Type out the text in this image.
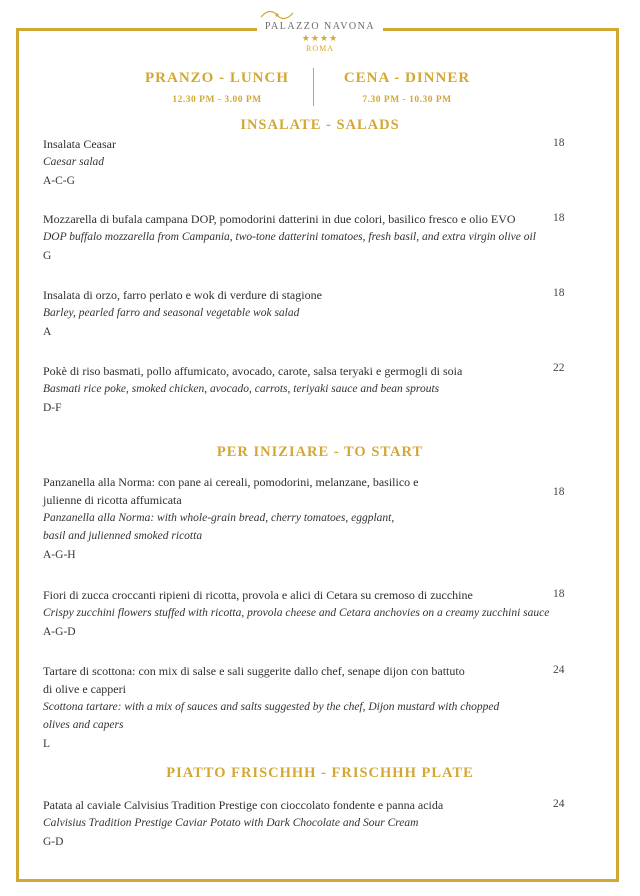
PALAZZO NAVONA
★★★★
ROMA
PRANZO - LUNCH
12.30 PM - 3.00 PM
CENA - DINNER
7.30 PM - 10.30 PM
INSALATE - SALADS
Insalata Ceasar
Caesar salad
A-C-G
18
Mozzarella di bufala campana DOP, pomodorini datterini in due colori, basilico fresco e olio EVO
DOP buffalo mozzarella from Campania, two-tone datterini tomatoes, fresh basil, and extra virgin olive oil
G
18
Insalata di orzo, farro perlato e wok di verdure di stagione
Barley, pearled farro and seasonal vegetable wok salad
A
18
Pokè di riso basmati, pollo affumicato, avocado, carote, salsa teryaki e germogli di soia
Basmati rice poke, smoked chicken, avocado, carrots, teriyaki sauce and bean sprouts
D-F
22
PER INIZIARE - TO START
Panzanella alla Norma: con pane ai cereali, pomodorini, melanzane, basilico e
julienne di ricotta affumicata
Panzanella alla Norma: with whole-grain bread, cherry tomatoes, eggplant,
basil and julienned smoked ricotta
A-G-H
18
Fiori di zucca croccanti ripieni di ricotta, provola e alici di Cetara su cremoso di zucchine
Crispy zucchini flowers stuffed with ricotta, provola cheese and Cetara anchovies on a creamy zucchini sauce
A-G-D
18
Tartare di scottona: con mix di salse e sali suggerite dallo chef, senape dijon con battuto
di olive e capperi
Scottona tartare: with a mix of sauces and salts suggested by the chef, Dijon mustard with chopped
olives and capers
L
24
PIATTO FRISCHHH - FRISCHHH PLATE
Patata al caviale Calvisius Tradition Prestige con cioccolato fondente e panna acida
Calvisius Tradition Prestige Caviar Potato with Dark Chocolate and Sour Cream
G-D
24
